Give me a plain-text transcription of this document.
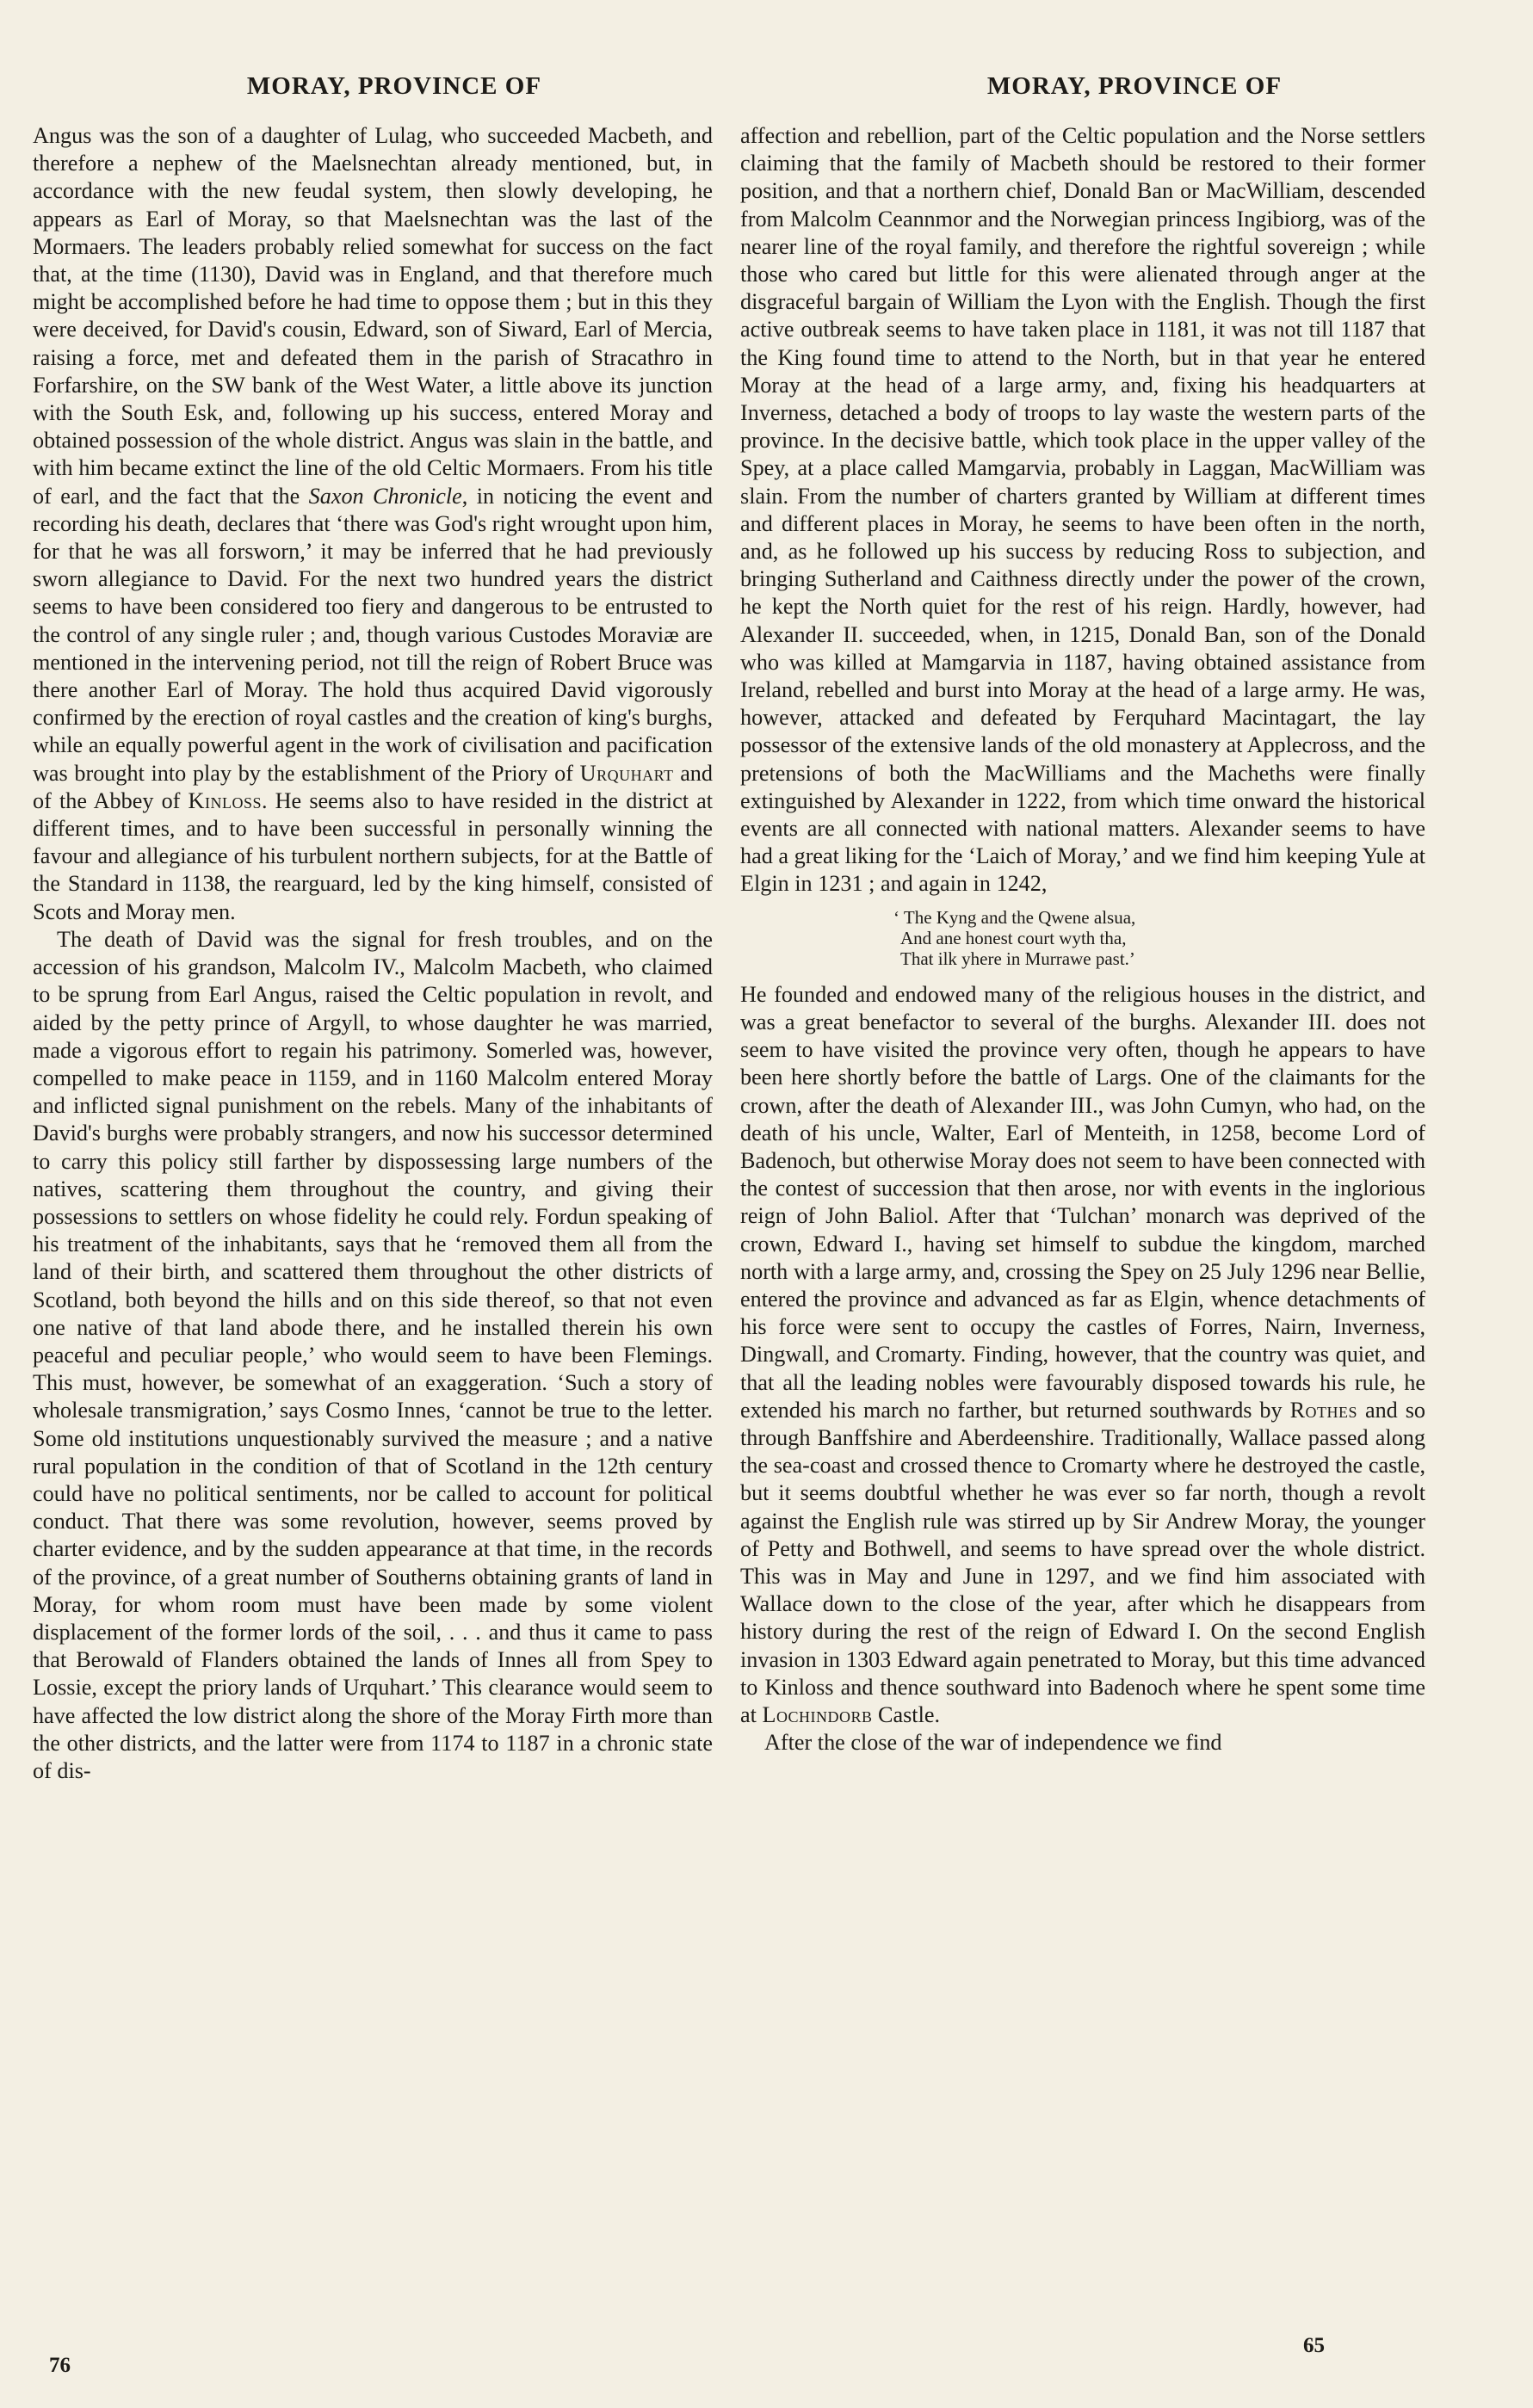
MORAY, PROVINCE OF	MORAY, PROVINCE OF

Angus was the son of a daughter of Lulag, who succeeded Macbeth, and therefore a nephew of the Maelsnechtan already mentioned, but, in accordance with the new feudal system, then slowly developing, he appears as Earl of Moray, so that Maelsnechtan was the last of the Mormaers. The leaders probably relied somewhat for success on the fact that, at the time (1130), David was in England, and that therefore much might be accomplished before he had time to oppose them ; but in this they were deceived, for David's cousin, Edward, son of Siward, Earl of Mercia, raising a force, met and defeated them in the parish of Stracathro in Forfarshire, on the SW bank of the West Water, a little above its junction with the South Esk, and, following up his success, entered Moray and obtained possession of the whole district. Angus was slain in the battle, and with him became extinct the line of the old Celtic Mormaers. From his title of earl, and the fact that the Saxon Chronicle, in noticing the event and recording his death, declares that ‘there was God's right wrought upon him, for that he was all forsworn,’ it may be inferred that he had previously sworn allegiance to David. For the next two hundred years the district seems to have been considered too fiery and dangerous to be entrusted to the control of any single ruler ; and, though various Custodes Moraviæ are mentioned in the intervening period, not till the reign of Robert Bruce was there another Earl of Moray. The hold thus acquired David vigorously confirmed by the erection of royal castles and the creation of king's burghs, while an equally powerful agent in the work of civilisation and pacification was brought into play by the establishment of the Priory of Urquhart and of the Abbey of Kinloss. He seems also to have resided in the district at different times, and to have been successful in personally winning the favour and allegiance of his turbulent northern subjects, for at the Battle of the Standard in 1138, the rearguard, led by the king himself, consisted of Scots and Moray men.

The death of David was the signal for fresh troubles, and on the accession of his grandson, Malcolm IV., Malcolm Macbeth, who claimed to be sprung from Earl Angus, raised the Celtic population in revolt, and aided by the petty prince of Argyll, to whose daughter he was married, made a vigorous effort to regain his patrimony. Somerled was, however, compelled to make peace in 1159, and in 1160 Malcolm entered Moray and inflicted signal punishment on the rebels. Many of the inhabitants of David's burghs were probably strangers, and now his successor determined to carry this policy still farther by dispossessing large numbers of the natives, scattering them throughout the country, and giving their possessions to settlers on whose fidelity he could rely. Fordun speaking of his treatment of the inhabitants, says that he ‘removed them all from the land of their birth, and scattered them throughout the other districts of Scotland, both beyond the hills and on this side thereof, so that not even one native of that land abode there, and he installed therein his own peaceful and peculiar people,’ who would seem to have been Flemings. This must, however, be somewhat of an exaggeration. ‘Such a story of wholesale transmigration,’ says Cosmo Innes, ‘cannot be true to the letter. Some old institutions unquestionably survived the measure ; and a native rural population in the condition of that of Scotland in the 12th century could have no political sentiments, nor be called to account for political conduct. That there was some revolution, however, seems proved by charter evidence, and by the sudden appearance at that time, in the records of the province, of a great number of Southerns obtaining grants of land in Moray, for whom room must have been made by some violent displacement of the former lords of the soil, . . . and thus it came to pass that Berowald of Flanders obtained the lands of Innes all from Spey to Lossie, except the priory lands of Urquhart.’ This clearance would seem to have affected the low district along the shore of the Moray Firth more than the other districts, and the latter were from 1174 to 1187 in a chronic state of dis-

affection and rebellion, part of the Celtic population and the Norse settlers claiming that the family of Macbeth should be restored to their former position, and that a northern chief, Donald Ban or MacWilliam, descended from Malcolm Ceannmor and the Norwegian princess Ingibiorg, was of the nearer line of the royal family, and therefore the rightful sovereign ; while those who cared but little for this were alienated through anger at the disgraceful bargain of William the Lyon with the English. Though the first active outbreak seems to have taken place in 1181, it was not till 1187 that the King found time to attend to the North, but in that year he entered Moray at the head of a large army, and, fixing his headquarters at Inverness, detached a body of troops to lay waste the western parts of the province. In the decisive battle, which took place in the upper valley of the Spey, at a place called Mamgarvia, probably in Laggan, MacWilliam was slain. From the number of charters granted by William at different times and different places in Moray, he seems to have been often in the north, and, as he followed up his success by reducing Ross to subjection, and bringing Sutherland and Caithness directly under the power of the crown, he kept the North quiet for the rest of his reign. Hardly, however, had Alexander II. succeeded, when, in 1215, Donald Ban, son of the Donald who was killed at Mamgarvia in 1187, having obtained assistance from Ireland, rebelled and burst into Moray at the head of a large army. He was, however, attacked and defeated by Ferquhard Macintagart, the lay possessor of the extensive lands of the old monastery at Applecross, and the pretensions of both the MacWilliams and the Macheths were finally extinguished by Alexander in 1222, from which time onward the historical events are all connected with national matters. Alexander seems to have had a great liking for the ‘Laich of Moray,’ and we find him keeping Yule at Elgin in 1231 ; and again in 1242,

‘ The Kyng and the Qwene alsua,
And ane honest court wyth tha,
That ilk yhere in Murrawe past.’

He founded and endowed many of the religious houses in the district, and was a great benefactor to several of the burghs. Alexander III. does not seem to have visited the province very often, though he appears to have been here shortly before the battle of Largs. One of the claimants for the crown, after the death of Alexander III., was John Cumyn, who had, on the death of his uncle, Walter, Earl of Menteith, in 1258, become Lord of Badenoch, but otherwise Moray does not seem to have been connected with the contest of succession that then arose, nor with events in the inglorious reign of John Baliol. After that ‘Tulchan’ monarch was deprived of the crown, Edward I., having set himself to subdue the kingdom, marched north with a large army, and, crossing the Spey on 25 July 1296 near Bellie, entered the province and advanced as far as Elgin, whence detachments of his force were sent to occupy the castles of Forres, Nairn, Inverness, Dingwall, and Cromarty. Finding, however, that the country was quiet, and that all the leading nobles were favourably disposed towards his rule, he extended his march no farther, but returned southwards by Rothes and so through Banffshire and Aberdeenshire. Traditionally, Wallace passed along the sea-coast and crossed thence to Cromarty where he destroyed the castle, but it seems doubtful whether he was ever so far north, though a revolt against the English rule was stirred up by Sir Andrew Moray, the younger of Petty and Bothwell, and seems to have spread over the whole district. This was in May and June in 1297, and we find him associated with Wallace down to the close of the year, after which he disappears from history during the rest of the reign of Edward I. On the second English invasion in 1303 Edward again penetrated to Moray, but this time advanced to Kinloss and thence southward into Badenoch where he spent some time at Lochindorb Castle.

After the close of the war of independence we find

76
65
